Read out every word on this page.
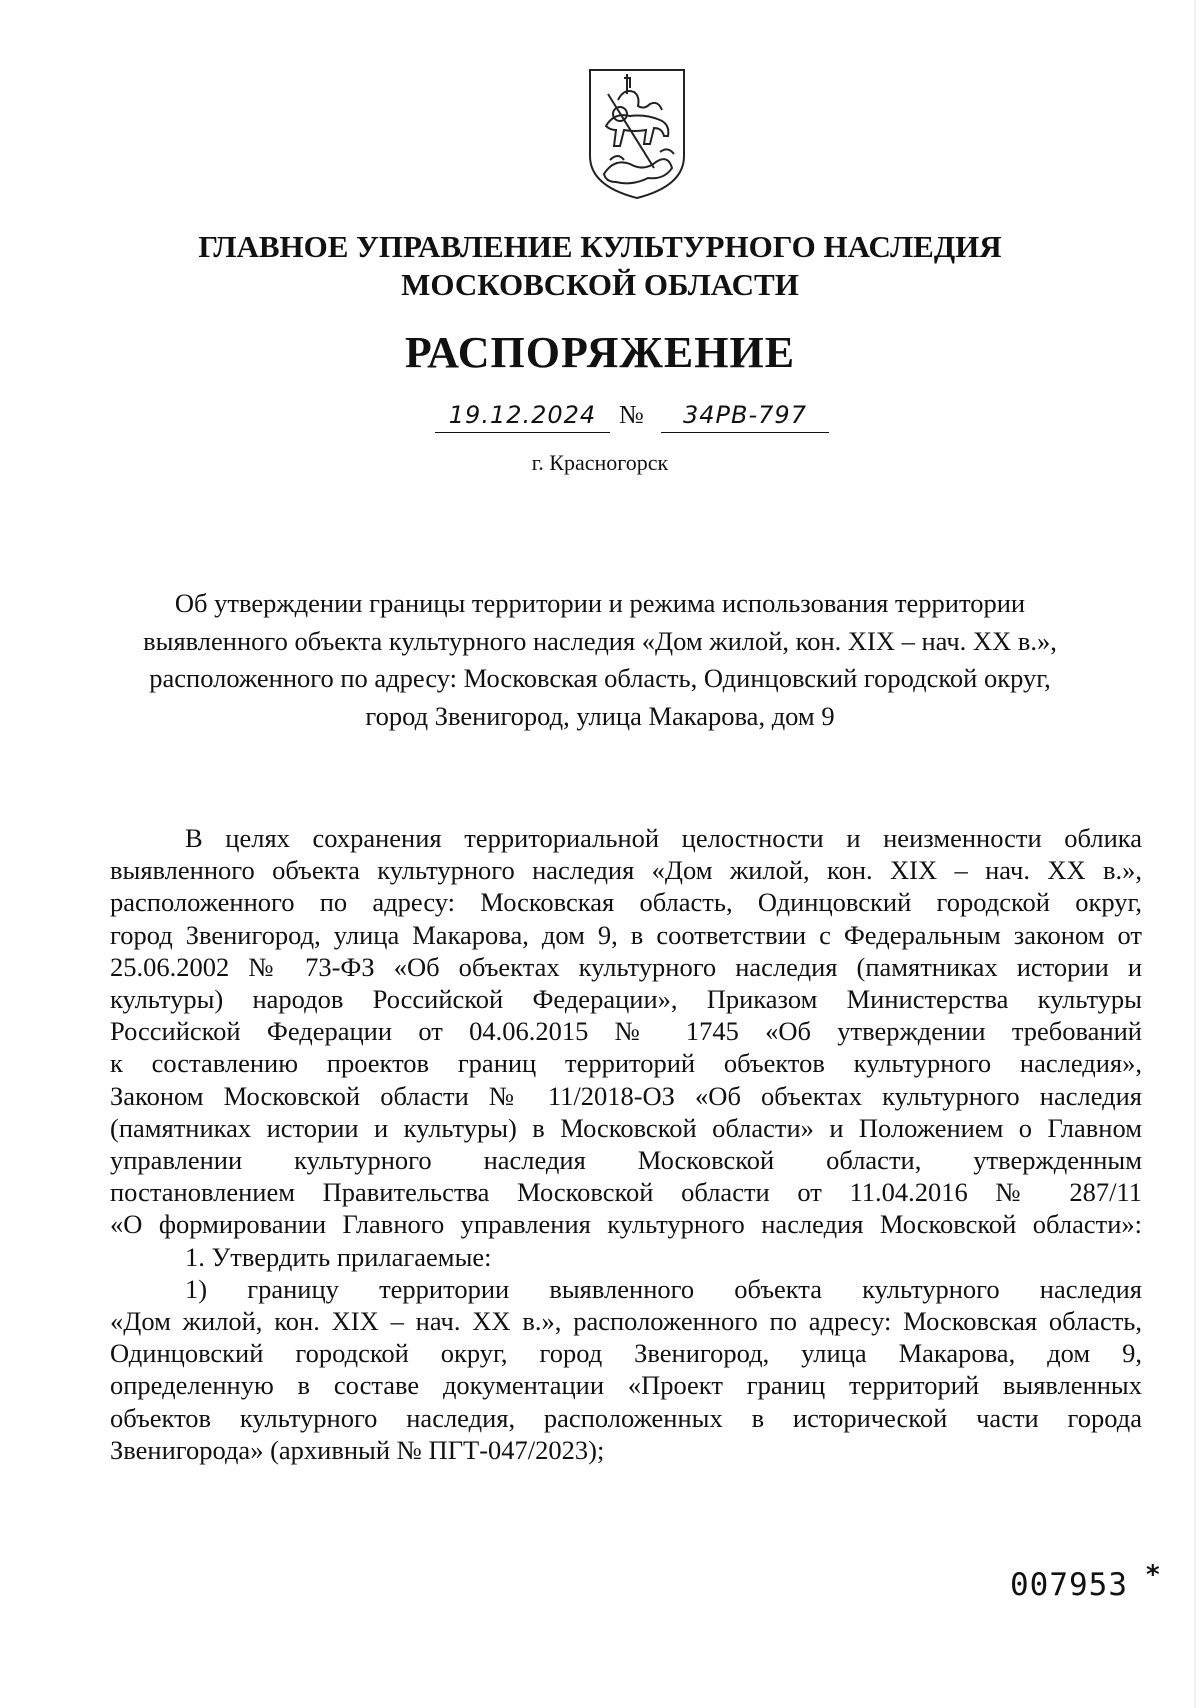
ГЛАВНОЕ УПРАВЛЕНИЕ КУЛЬТУРНОГО НАСЛЕДИЯ
МОСКОВСКОЙ ОБЛАСТИ
РАСПОРЯЖЕНИЕ
19.12.2024 №	34РВ-797
г. Красногорск
Об утверждении границы территории и режима использования территории
выявленного объекта культурного наследия «Дом жилой, кон. XIX – нач. XX в.»,
расположенного по адресу: Московская область, Одинцовский городской округ,
город Звенигород, улица Макарова, дом 9
В целях сохранения территориальной целостности и неизменности облика
выявленного объекта культурного наследия «Дом жилой, кон. XIX – нач. XX в.»,
расположенного по адресу: Московская область, Одинцовский городской округ,
город Звенигород, улица Макарова, дом 9, в соответствии с Федеральным законом от
25.06.2002 № 73-ФЗ «Об объектах культурного наследия (памятниках истории и
культуры) народов Российской Федерации», Приказом Министерства культуры
Российской Федерации от 04.06.2015 № 1745 «Об утверждении требований
к составлению проектов границ территорий объектов культурного наследия»,
Законом Московской области № 11/2018-ОЗ «Об объектах культурного наследия
(памятниках истории и культуры) в Московской области» и Положением о Главном
управлении культурного наследия Московской области, утвержденным
постановлением Правительства Московской области от 11.04.2016 № 287/11
«О формировании Главного управления культурного наследия Московской области»:
1. Утвердить прилагаемые:
1) границу территории выявленного объекта культурного наследия
«Дом жилой, кон. XIX – нач. XX в.», расположенного по адресу: Московская область,
Одинцовский городской округ, город Звенигород, улица Макарова, дом 9,
определенную в составе документации «Проект границ территорий выявленных
объектов культурного наследия, расположенных в исторической части города
Звенигорода» (архивный № ПГТ-047/2023);
007953 *
